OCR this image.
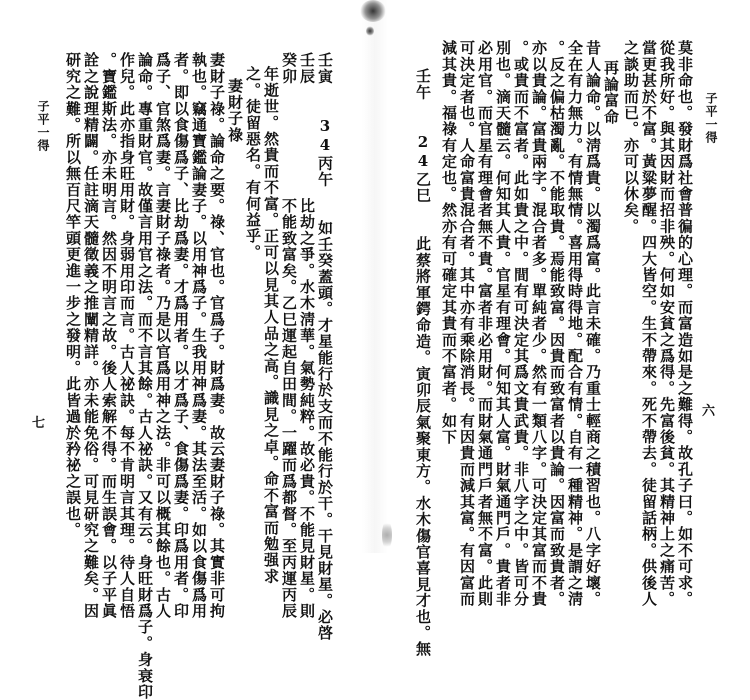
壬寅　　34丙午　　如壬癸蓋頭。才星能行於支而不能行於干。干見財星。必啓
壬辰　　　　　　　比劫之爭。水木淸華。氣勢純粹。故必貴。不能見財星。則
癸卯　　　　　　　不能致富矣。乙巳運起自田間。一躍而爲都督。至丙運丙辰
年逝世。然貴而不富。正可以見其人品之高。識見之卓。命不富而勉强求
之。徒留惡名。有何益乎。
妻財子祿
妻財子祿。論命之要。祿、官也。官爲子。財爲妻。故云妻財子祿。其實非可拘
執也。竊通寶鑑論妻子。以用神爲子。生我用神爲妻。其法至活。如以食傷爲用
者。即以食傷爲子、比劫爲妻。才爲用者。以才爲子、食傷爲妻。印爲用者。印
爲子、官煞爲妻。言妻財子祿者。乃是以官爲用神之法。非可以概其餘也。古人
論命。專重財官。故僅言用官之法。而不言其餘。古人祕訣。又有云。身旺財爲子。身衰印
作兒。此亦指身旺用財。身弱用印而言。古人祕訣。每不肯明言其理。待人自悟
。寶鑑斯法。亦未明言。然因不明言之故。後人索解不得。而生誤會。以子平眞
詮之說理精闢。任註滴天髓徵義之推闡精詳。亦未能免俗。可見研究之難矣。因
研究之難。所以無百尺竿頭更進一步之發明。此皆過於矜祕之誤也。
子平一得
七
子平一得
六
莫非命也。發財爲社會普徧的心理。而富造如是之難得。故孔子曰。如不可求。
從我所好。與其因財而招非殃。何如安貧之爲得。先富後貧。其精神上之痛苦。
當更甚於不富。黃粱夢醒。四大皆空。生不帶來。死不帶去。徒留話柄。供後人
之談助而已。亦可以休矣。
再論富命
昔人論命。以淸爲貴。以濁爲富。此言未確。乃重士輕商之積習也。八字好壞。
全在有力無力。有情無情。喜用得時得地。配合有情。自有一種精神。是謂之淸
。反之偏枯濁亂。不能取貴。焉能致富。因貴而致富者以貴論。因富而致貴者。
亦以貴論。富貴兩字。混合者多。單純者少。然有一類八字。可決定其富而不貴
。或貴而不富者。此如貴之中。間有可決定其爲文貴武貴。非八字之中。皆可分
別也。滴天髓云。何知其人貴。官星有理會。何知其人富。財氣通門戶。貴者非
必用官。而官星有理會者無不貴。富者非必用財。而財氣通門戶者無不富。此則
可決定者也。人命富貴混合者。其中亦有乘除消長。有因貴而減其富。有因富而
減其貴。福祿有定也。然亦有可確定其貴而不富者。如下
壬午　　24乙巳　　此蔡將軍鍔命造。寅卯辰氣聚東方。水木傷官喜見才也。無
